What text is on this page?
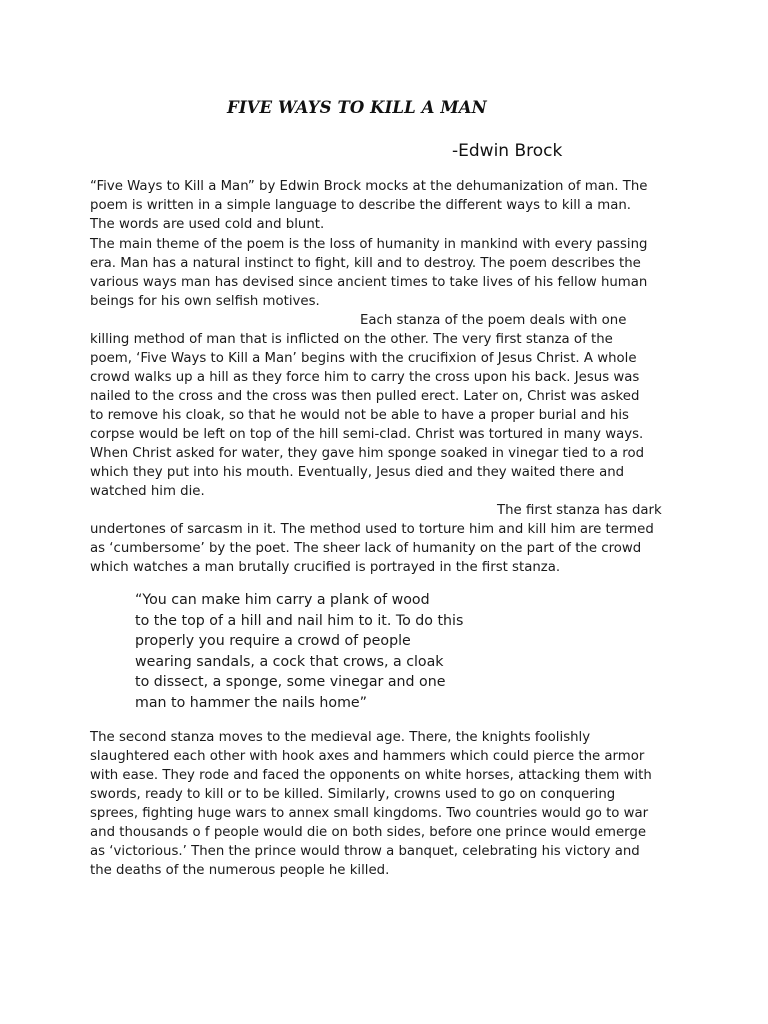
FIVE WAYS TO KILL A MAN
-Edwin Brock
“Five Ways to Kill a Man” by Edwin Brock mocks at the dehumanization of man. The
poem is written in a simple language to describe the different ways to kill a man.
The words are used cold and blunt.
The main theme of the poem is the loss of humanity in mankind with every passing
era. Man has a natural instinct to fight, kill and to destroy. The poem describes the
various ways man has devised since ancient times to take lives of his fellow human
beings for his own selfish motives.
Each stanza of the poem deals with one
killing method of man that is inflicted on the other. The very first stanza of the
poem, ‘Five Ways to Kill a Man’ begins with the crucifixion of Jesus Christ. A whole
crowd walks up a hill as they force him to carry the cross upon his back. Jesus was
nailed to the cross and the cross was then pulled erect. Later on, Christ was asked
to remove his cloak, so that he would not be able to have a proper burial and his
corpse would be left on top of the hill semi-clad. Christ was tortured in many ways.
When Christ asked for water, they gave him sponge soaked in vinegar tied to a rod
which they put into his mouth. Eventually, Jesus died and they waited there and
watched him die.
The first stanza has dark
undertones of sarcasm in it. The method used to torture him and kill him are termed
as ‘cumbersome’ by the poet. The sheer lack of humanity on the part of the crowd
which watches a man brutally crucified is portrayed in the first stanza.
“You can make him carry a plank of wood
to the top of a hill and nail him to it. To do this
properly you require a crowd of people
wearing sandals, a cock that crows, a cloak
to dissect, a sponge, some vinegar and one
man to hammer the nails home”
The second stanza moves to the medieval age. There, the knights foolishly
slaughtered each other with hook axes and hammers which could pierce the armor
with ease. They rode and faced the opponents on white horses, attacking them with
swords, ready to kill or to be killed. Similarly, crowns used to go on conquering
sprees, fighting huge wars to annex small kingdoms. Two countries would go to war
and thousands o f people would die on both sides, before one prince would emerge
as ‘victorious.’ Then the prince would throw a banquet, celebrating his victory and
the deaths of the numerous people he killed.
